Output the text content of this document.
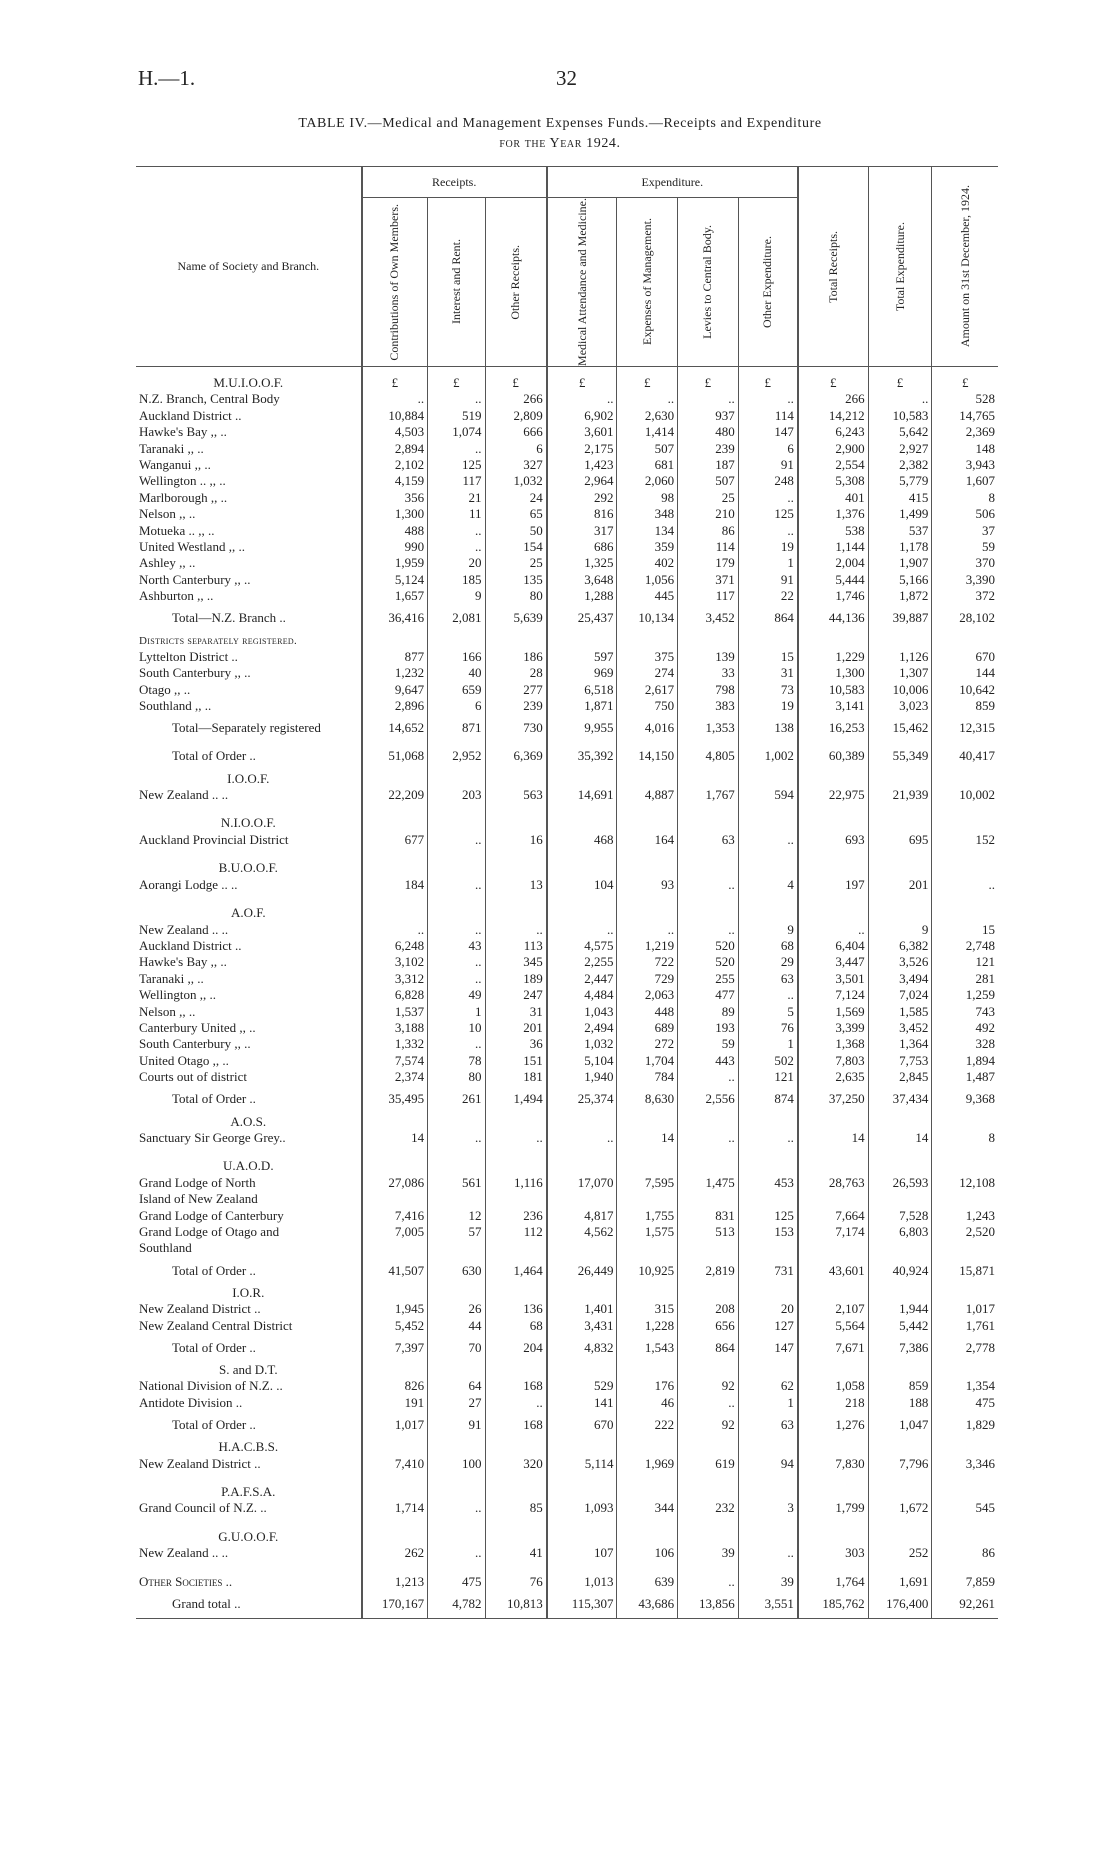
H.—1.	32
TABLE IV.—Medical and Management Expenses Funds.—Receipts and Expenditure
for the Year 1924.
Name of Society and Branch.	Receipts.			Expenditure.				Total Receipts.	Total Expenditure.	Amount on 31st December, 1924.

	Contributions of Own Members.	Interest and Rent.	Other Receipts.	Medical Attendance and Medicine.	Expenses of Management.	Levies to Central Body.	Other Expenditure.			

M.U.I.O.O.F.	£	£	£	£	£	£	£	£	£	£
N.Z. Branch, Central Body	..	..	266	..	..	..	..	266	..	528
Auckland District ..	10,884	519	2,809	6,902	2,630	937	114	14,212	10,583	14,765
Hawke's Bay ,, ..	4,503	1,074	666	3,601	1,414	480	147	6,243	5,642	2,369
Taranaki ,, ..	2,894	..	6	2,175	507	239	6	2,900	2,927	148
Wanganui ,, ..	2,102	125	327	1,423	681	187	91	2,554	2,382	3,943
Wellington .. ,, ..	4,159	117	1,032	2,964	2,060	507	248	5,308	5,779	1,607
Marlborough ,, ..	356	21	24	292	98	25	..	401	415	8
Nelson ,, ..	1,300	11	65	816	348	210	125	1,376	1,499	506
Motueka .. ,, ..	488	..	50	317	134	86	..	538	537	37
United Westland ,, ..	990	..	154	686	359	114	19	1,144	1,178	59
Ashley ,, ..	1,959	20	25	1,325	402	179	1	2,004	1,907	370
North Canterbury ,, ..	5,124	185	135	3,648	1,056	371	91	5,444	5,166	3,390
Ashburton ,, ..	1,657	9	80	1,288	445	117	22	1,746	1,872	372
Total—N.Z. Branch ..	36,416	2,081	5,639	25,437	10,134	3,452	864	44,136	39,887	28,102
Districts separately registered.										
Lyttelton District ..	877	166	186	597	375	139	15	1,229	1,126	670
South Canterbury ,, ..	1,232	40	28	969	274	33	31	1,300	1,307	144
Otago ,, ..	9,647	659	277	6,518	2,617	798	73	10,583	10,006	10,642
Southland ,, ..	2,896	6	239	1,871	750	383	19	3,141	3,023	859
Total—Separately registered	14,652	871	730	9,955	4,016	1,353	138	16,253	15,462	12,315
Total of Order ..	51,068	2,952	6,369	35,392	14,150	4,805	1,002	60,389	55,349	40,417
I.O.O.F.										
New Zealand .. ..	22,209	203	563	14,691	4,887	1,767	594	22,975	21,939	10,002

N.I.O.O.F.										
Auckland Provincial District	677	..	16	468	164	63	..	693	695	152

B.U.O.O.F.										
Aorangi Lodge .. ..	184	..	13	104	93	..	4	197	201	..

A.O.F.										
New Zealand .. ..	..	..	..	..	..	..	9	..	9	15
Auckland District ..	6,248	43	113	4,575	1,219	520	68	6,404	6,382	2,748
Hawke's Bay ,, ..	3,102	..	345	2,255	722	520	29	3,447	3,526	121
Taranaki ,, ..	3,312	..	189	2,447	729	255	63	3,501	3,494	281
Wellington ,, ..	6,828	49	247	4,484	2,063	477	..	7,124	7,024	1,259
Nelson ,, ..	1,537	1	31	1,043	448	89	5	1,569	1,585	743
Canterbury United ,, ..	3,188	10	201	2,494	689	193	76	3,399	3,452	492
South Canterbury ,, ..	1,332	..	36	1,032	272	59	1	1,368	1,364	328
United Otago ,, ..	7,574	78	151	5,104	1,704	443	502	7,803	7,753	1,894
Courts out of district	2,374	80	181	1,940	784	..	121	2,635	2,845	1,487
Total of Order ..	35,495	261	1,494	25,374	8,630	2,556	874	37,250	37,434	9,368
A.O.S.										
Sanctuary Sir George Grey..	14	..	..	..	14	..	..	14	14	8

U.A.O.D.										
Grand Lodge of North	27,086	561	1,116	17,070	7,595	1,475	453	28,763	26,593	12,108
Island of New Zealand										
Grand Lodge of Canterbury	7,416	12	236	4,817	1,755	831	125	7,664	7,528	1,243
Grand Lodge of Otago and	7,005	57	112	4,562	1,575	513	153	7,174	6,803	2,520
Southland										
Total of Order ..	41,507	630	1,464	26,449	10,925	2,819	731	43,601	40,924	15,871
I.O.R.										
New Zealand District ..	1,945	26	136	1,401	315	208	20	2,107	1,944	1,017
New Zealand Central District	5,452	44	68	3,431	1,228	656	127	5,564	5,442	1,761
Total of Order ..	7,397	70	204	4,832	1,543	864	147	7,671	7,386	2,778
S. and D.T.										
National Division of N.Z. ..	826	64	168	529	176	92	62	1,058	859	1,354
Antidote Division ..	191	27	..	141	46	..	1	218	188	475
Total of Order ..	1,017	91	168	670	222	92	63	1,276	1,047	1,829
H.A.C.B.S.										
New Zealand District ..	7,410	100	320	5,114	1,969	619	94	7,830	7,796	3,346

P.A.F.S.A.										
Grand Council of N.Z. ..	1,714	..	85	1,093	344	232	3	1,799	1,672	545

G.U.O.O.F.										
New Zealand .. ..	262	..	41	107	106	39	..	303	252	86

Other Societies ..	1,213	475	76	1,013	639	..	39	1,764	1,691	7,859
Grand total ..	170,167	4,782	10,813	115,307	43,686	13,856	3,551	185,762	176,400	92,261
